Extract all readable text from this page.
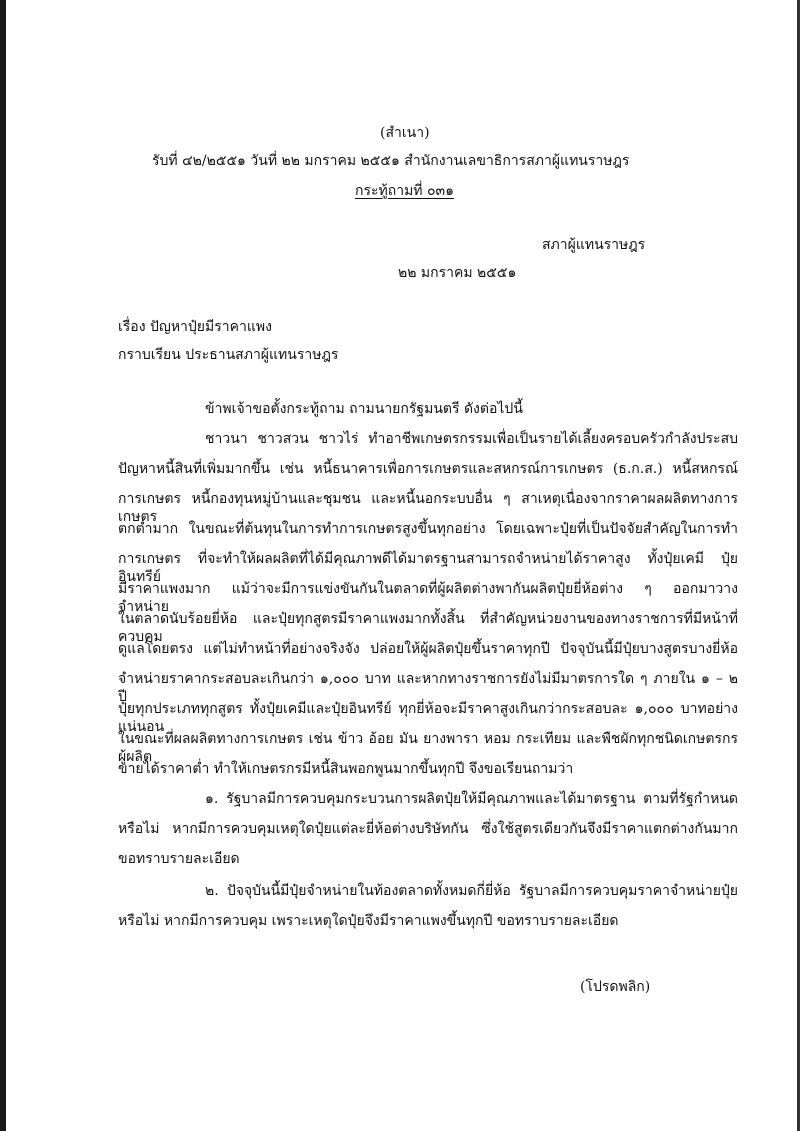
(สำเนา)
รับที่ ๔๒/๒๕๕๑ วันที่ ๒๒ มกราคม ๒๕๕๑ สำนักงานเลขาธิการสภาผู้แทนราษฎร
กระทู้ถามที่ ๐๓๑
สภาผู้แทนราษฎร
๒๒ มกราคม ๒๕๕๑
เรื่อง ปัญหาปุ๋ยมีราคาแพง
กราบเรียน ประธานสภาผู้แทนราษฎร
ข้าพเจ้าขอตั้งกระทู้ถาม ถามนายกรัฐมนตรี ดังต่อไปนี้
ชาวนา ชาวสวน ชาวไร่ ทำอาชีพเกษตรกรรมเพื่อเป็นรายได้เลี้ยงครอบครัวกำลังประสบ
ปัญหาหนี้สินที่เพิ่มมากขึ้น เช่น หนี้ธนาคารเพื่อการเกษตรและสหกรณ์การเกษตร (ธ.ก.ส.) หนี้สหกรณ์
การเกษตร หนี้กองทุนหมู่บ้านและชุมชน และหนี้นอกระบบอื่น ๆ สาเหตุเนื่องจากราคาผลผลิตทางการเกษตร
ตกต่ำมาก ในขณะที่ต้นทุนในการทำการเกษตรสูงขึ้นทุกอย่าง โดยเฉพาะปุ๋ยที่เป็นปัจจัยสำคัญในการทำ
การเกษตร ที่จะทำให้ผลผลิตที่ได้มีคุณภาพดีได้มาตรฐานสามารถจำหน่ายได้ราคาสูง ทั้งปุ๋ยเคมี ปุ๋ยอินทรีย์
มีราคาแพงมาก แม้ว่าจะมีการแข่งขันกันในตลาดที่ผู้ผลิตต่างพากันผลิตปุ๋ยยี่ห้อต่าง ๆ ออกมาวางจำหน่าย
ในตลาดนับร้อยยี่ห้อ และปุ๋ยทุกสูตรมีราคาแพงมากทั้งสิ้น ที่สำคัญหน่วยงานของทางราชการที่มีหน้าที่ควบคุม
ดูแลโดยตรง แต่ไม่ทำหน้าที่อย่างจริงจัง ปล่อยให้ผู้ผลิตปุ๋ยขึ้นราคาทุกปี ปัจจุบันนี้มีปุ๋ยบางสูตรบางยี่ห้อ
จำหน่ายราคากระสอบละเกินกว่า ๑,๐๐๐ บาท และหากทางราชการยังไม่มีมาตรการใด ๆ ภายใน ๑ – ๒ ปี
ปุ๋ยทุกประเภททุกสูตร ทั้งปุ๋ยเคมีและปุ๋ยอินทรีย์ ทุกยี่ห้อจะมีราคาสูงเกินกว่ากระสอบละ ๑,๐๐๐ บาทอย่างแน่นอน
ในขณะที่ผลผลิตทางการเกษตร เช่น ข้าว อ้อย มัน ยางพารา หอม กระเทียม และพืชผักทุกชนิดเกษตรกรผู้ผลิต
ขายได้ราคาต่ำ ทำให้เกษตรกรมีหนี้สินพอกพูนมากขึ้นทุกปี จึงขอเรียนถามว่า
๑. รัฐบาลมีการควบคุมกระบวนการผลิตปุ๋ยให้มีคุณภาพและได้มาตรฐาน ตามที่รัฐกำหนด
หรือไม่ หากมีการควบคุมเหตุใดปุ๋ยแต่ละยี่ห้อต่างบริษัทกัน ซึ่งใช้สูตรเดียวกันจึงมีราคาแตกต่างกันมาก
ขอทราบรายละเอียด
๒. ปัจจุบันนี้มีปุ๋ยจำหน่ายในท้องตลาดทั้งหมดกี่ยี่ห้อ รัฐบาลมีการควบคุมราคาจำหน่ายปุ๋ย
หรือไม่ หากมีการควบคุม เพราะเหตุใดปุ๋ยจึงมีราคาแพงขึ้นทุกปี ขอทราบรายละเอียด
(โปรดพลิก)
